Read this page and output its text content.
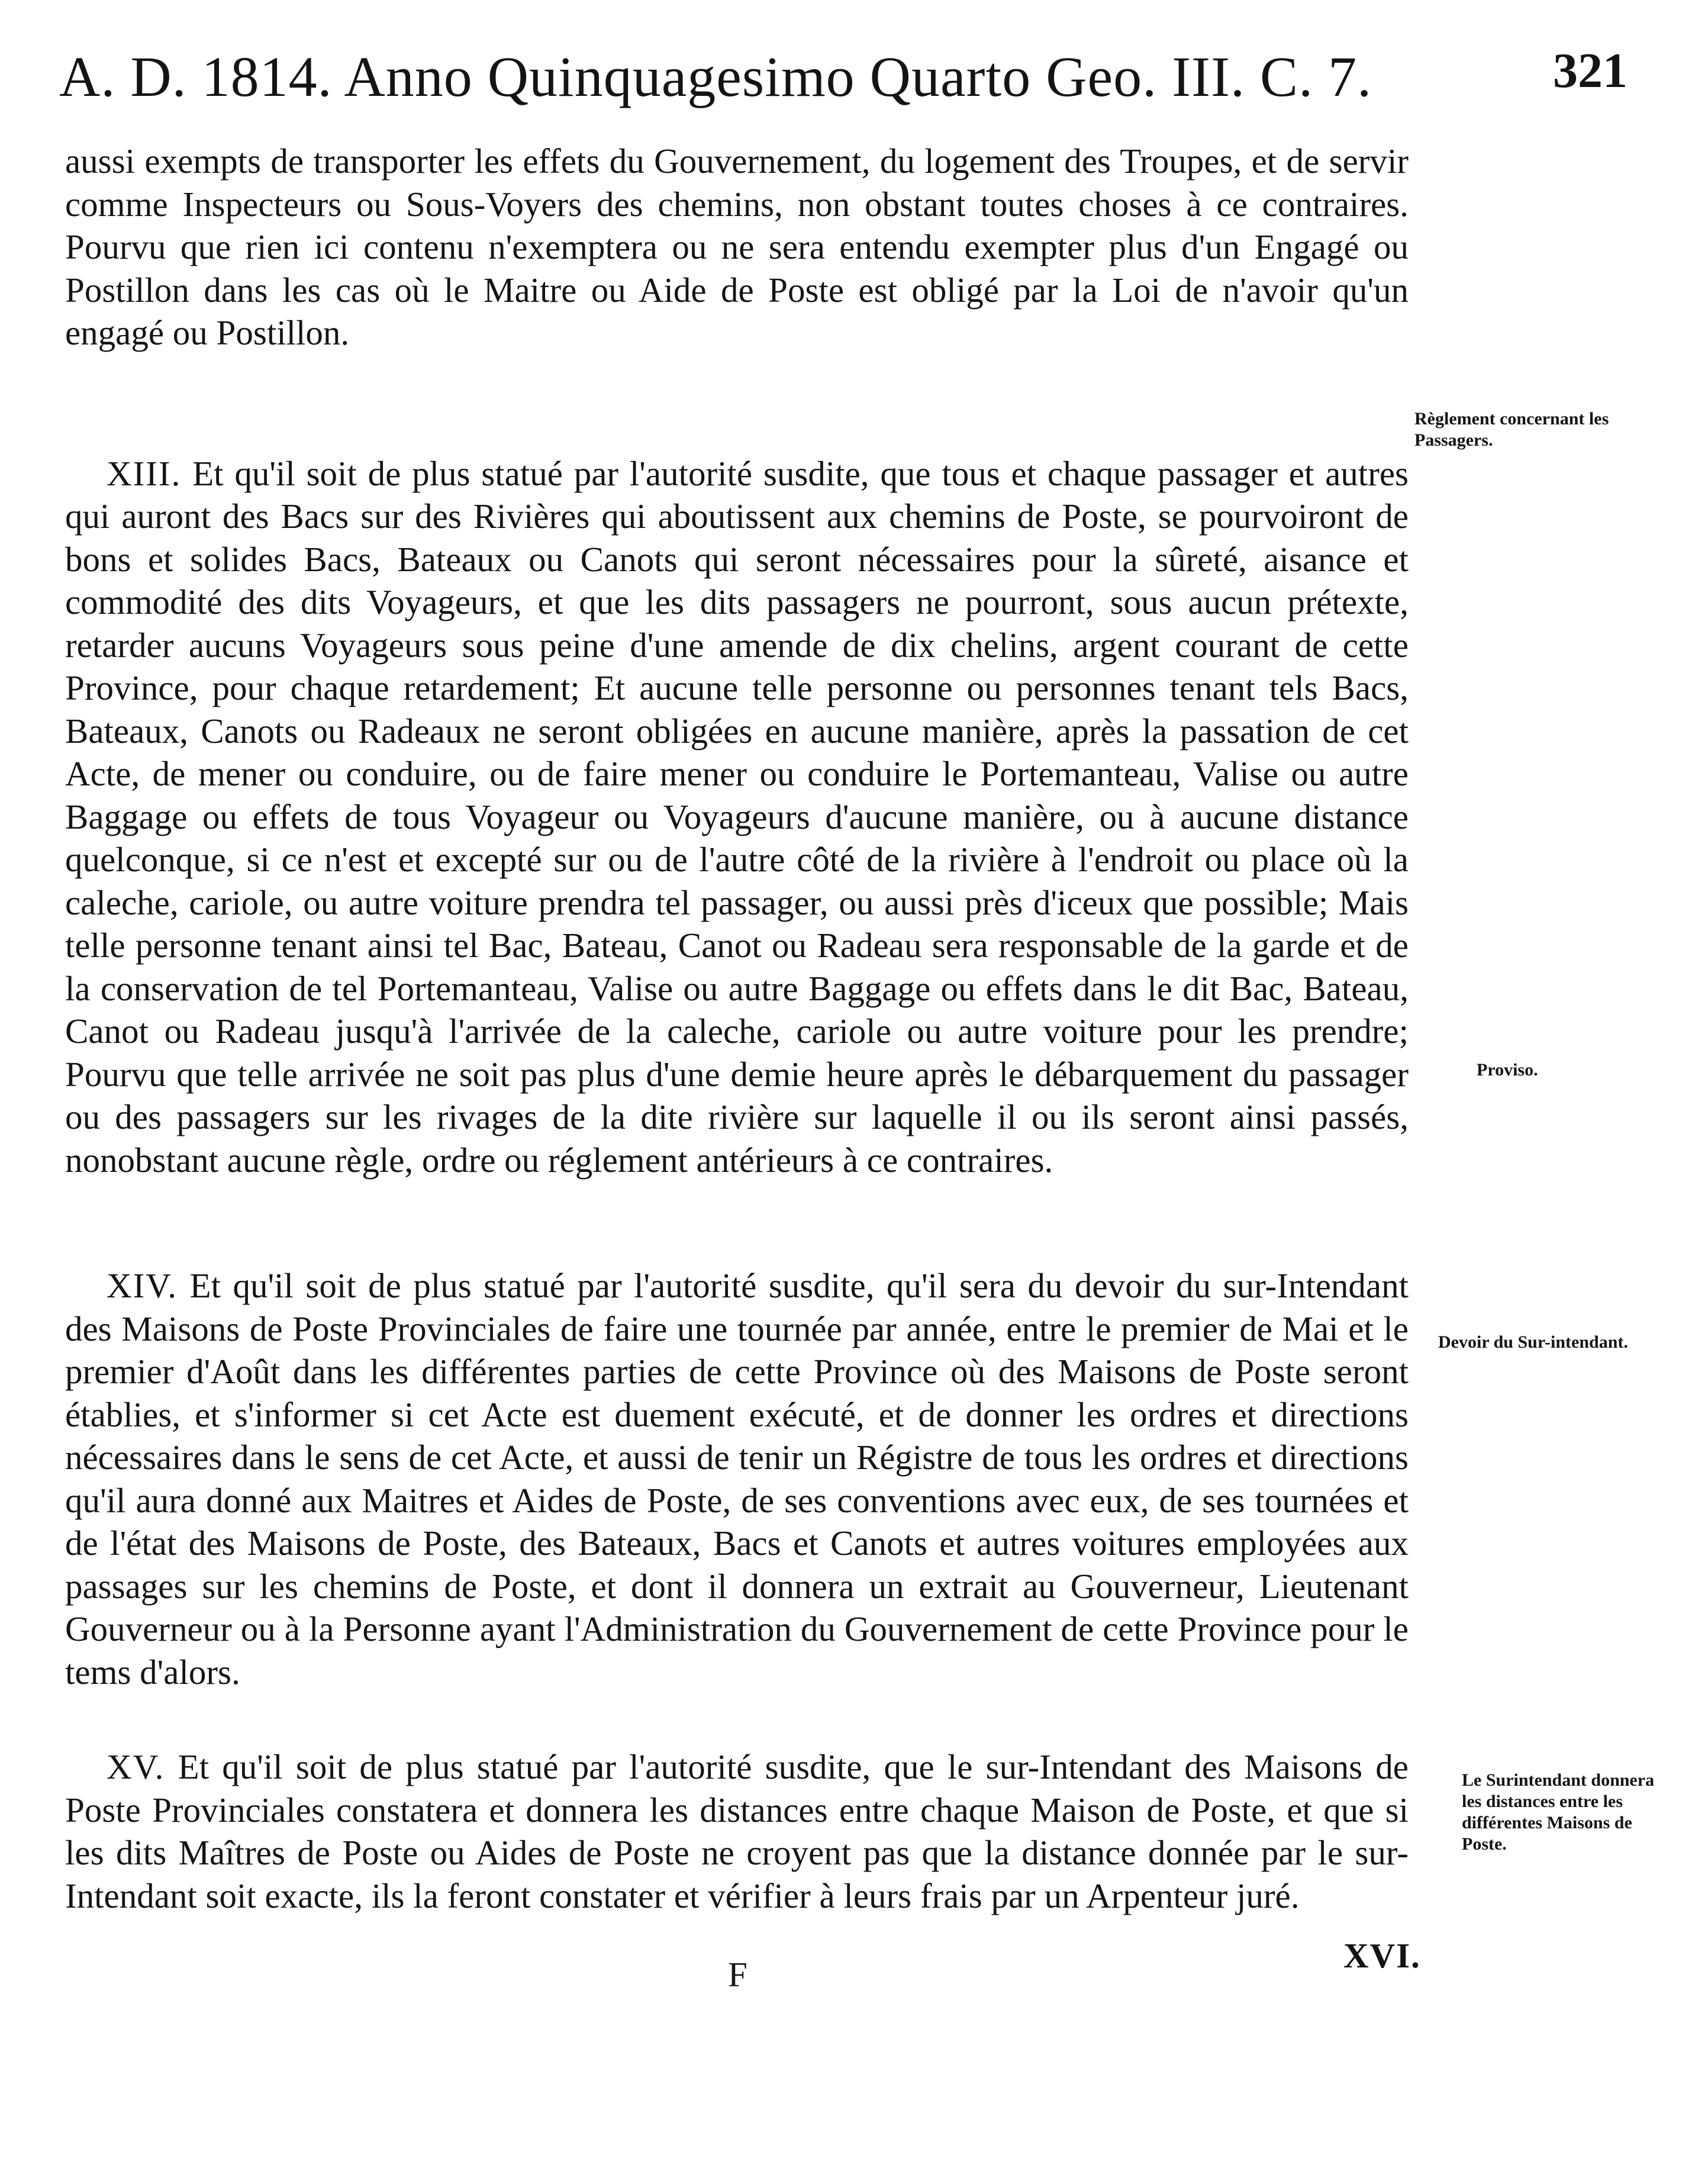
A. D. 1814. Anno Quinquagesimo Quarto Geo. III. C. 7.	321

aussi exempts de transporter les effets du Gouvernement, du logement des Troupes, et de servir comme Inspecteurs ou Sous-Voyers des chemins, non obstant toutes choses à ce contraires. Pourvu que rien ici contenu n'exemptera ou ne sera entendu exempter plus d'un Engagé ou Postillon dans les cas où le Maitre ou Aide de Poste est obligé par la Loi de n'avoir qu'un engagé ou Postillon.

XIII. Et qu'il soit de plus statué par l'autorité susdite, que tous et chaque passager et autres qui auront des Bacs sur des Rivières qui aboutissent aux chemins de Poste, se pourvoiront de bons et solides Bacs, Bateaux ou Canots qui seront nécessaires pour la sûreté, aisance et commodité des dits Voyageurs, et que les dits passagers ne pourront, sous aucun prétexte, retarder aucuns Voyageurs sous peine d'une amende de dix chelins, argent courant de cette Province, pour chaque retardement; Et aucune telle personne ou personnes tenant tels Bacs, Bateaux, Canots ou Radeaux ne seront obligées en aucune manière, après la passation de cet Acte, de mener ou conduire, ou de faire mener ou conduire le Portemanteau, Valise ou autre Baggage ou effets de tous Voyageur ou Voyageurs d'aucune manière, ou à aucune distance quelconque, si ce n'est et excepté sur ou de l'autre côté de la rivière à l'endroit ou place où la caleche, cariole, ou autre voiture prendra tel passager, ou aussi près d'iceux que possible; Mais telle personne tenant ainsi tel Bac, Bateau, Canot ou Radeau sera responsable de la garde et de la conservation de tel Portemanteau, Valise ou autre Baggage ou effets dans le dit Bac, Bateau, Canot ou Radeau jusqu'à l'arrivée de la caleche, cariole ou autre voiture pour les prendre; Pourvu que telle arrivée ne soit pas plus d'une demie heure après le débarquement du passager ou des passagers sur les rivages de la dite rivière sur laquelle il ou ils seront ainsi passés, nonobstant aucune règle, ordre ou réglement antérieurs à ce contraires.

XIV. Et qu'il soit de plus statué par l'autorité susdite, qu'il sera du devoir du sur-Intendant des Maisons de Poste Provinciales de faire une tournée par année, entre le premier de Mai et le premier d'Août dans les différentes parties de cette Province où des Maisons de Poste seront établies, et s'informer si cet Acte est duement exécuté, et de donner les ordres et directions nécessaires dans le sens de cet Acte, et aussi de tenir un Régistre de tous les ordres et directions qu'il aura donné aux Maitres et Aides de Poste, de ses conventions avec eux, de ses tournées et de l'état des Maisons de Poste, des Bateaux, Bacs et Canots et autres voitures employées aux passages sur les chemins de Poste, et dont il donnera un extrait au Gouverneur, Lieutenant Gouverneur ou à la Personne ayant l'Administration du Gouvernement de cette Province pour le tems d'alors.

XV. Et qu'il soit de plus statué par l'autorité susdite, que le sur-Intendant des Maisons de Poste Provinciales constatera et donnera les distances entre chaque Maison de Poste, et que si les dits Maîtres de Poste ou Aides de Poste ne croyent pas que la distance donnée par le sur-Intendant soit exacte, ils la feront constater et vérifier à leurs frais par un Arpenteur juré.

Règlement concernant les Passagers.
Proviso.
Devoir du Sur-intendant.
Le Surintendant donnera les distances entre les différentes Maisons de Poste.
F	XVI.
